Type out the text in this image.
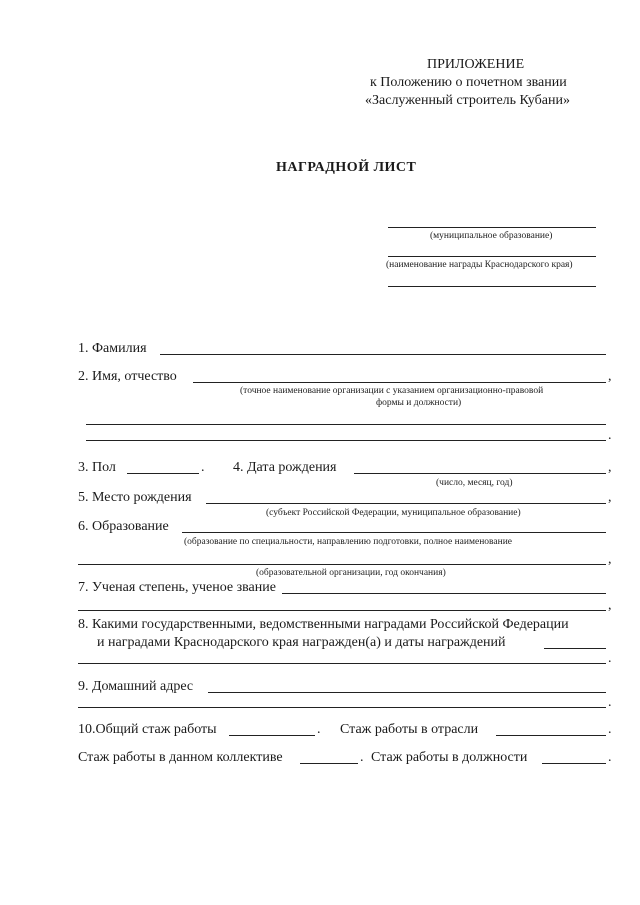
ПРИЛОЖЕНИЕ
к Положению о почетном звании
«Заслуженный строитель Кубани»
НАГРАДНОЙ ЛИСТ
(муниципальное образование)
(наименование награды Краснодарского края)
1. Фамилия
2. Имя, отчество	,
(точное наименование организации с указанием организационно-правовой
формы и должности)
.
3. Пол	. 4. Дата рождения	,
(число, месяц, год)
5. Место рождения	,
(субъект Российской Федерации, муниципальное образование)
6. Образование
(образование по специальности, направлению подготовки, полное наименование
,
(образовательной организации, год окончания)
7. Ученая степень, ученое звание
,
8. Какими государственными, ведомственными наградами Российской Федерации
и наградами Краснодарского края награжден(а) и даты награждений
.
9. Домашний адрес
.
10.Общий стаж работы	. Стаж работы в отрасли	.
Стаж работы в данном коллективе	. Стаж работы в должности	.
